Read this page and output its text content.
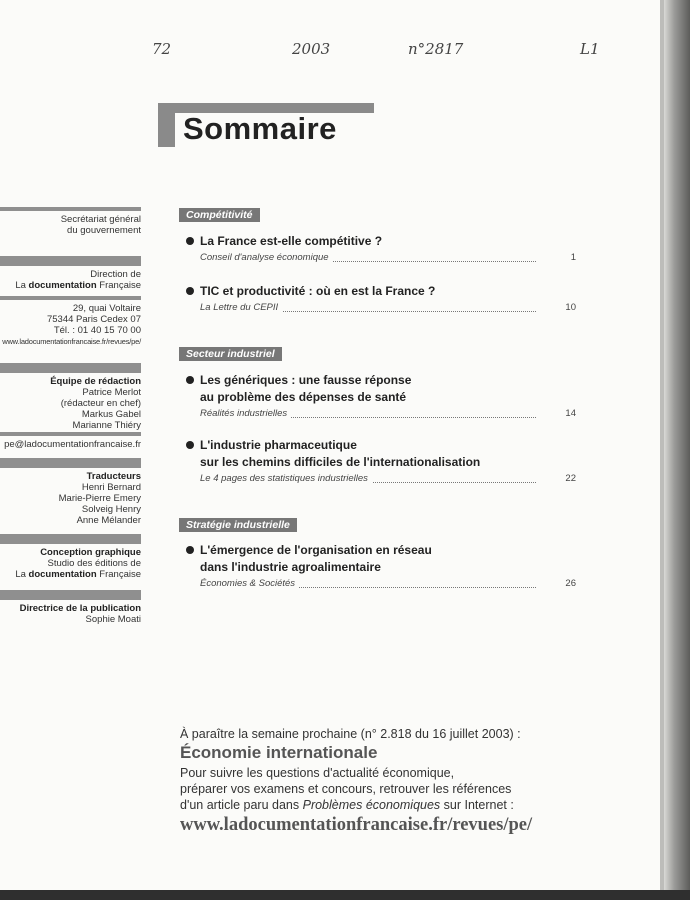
72	2003	n°2817	L1
Sommaire
Secrétariat général
du gouvernement
Direction de
La documentation Française
29, quai Voltaire
75344 Paris Cedex 07
Tél. : 01 40 15 70 00
www.ladocumentationfrancaise.fr/revues/pe/
Équipe de rédaction
Patrice Merlot
(rédacteur en chef)
Markus Gabel
Marianne Thiéry
pe@ladocumentationfrancaise.fr
Traducteurs
Henri Bernard
Marie-Pierre Emery
Solveig Henry
Anne Mélander
Conception graphique
Studio des éditions de
La documentation Française
Directrice de la publication
Sophie Moati
Compétitivité
La France est-elle compétitive ?
Conseil d'analyse économique	1
TIC et productivité : où en est la France ?
La Lettre du CEPII	10
Secteur industriel
Les génériques : une fausse réponse
au problème des dépenses de santé
Réalités industrielles	14
L'industrie pharmaceutique
sur les chemins difficiles de l'internationalisation
Le 4 pages des statistiques industrielles	22
Stratégie industrielle
L'émergence de l'organisation en réseau
dans l'industrie agroalimentaire
Économies & Sociétés	26
À paraître la semaine prochaine (n° 2.818 du 16 juillet 2003) :
Économie internationale
Pour suivre les questions d'actualité économique,
préparer vos examens et concours, retrouver les références
d'un article paru dans Problèmes économiques sur Internet :
www.ladocumentationfrancaise.fr/revues/pe/
